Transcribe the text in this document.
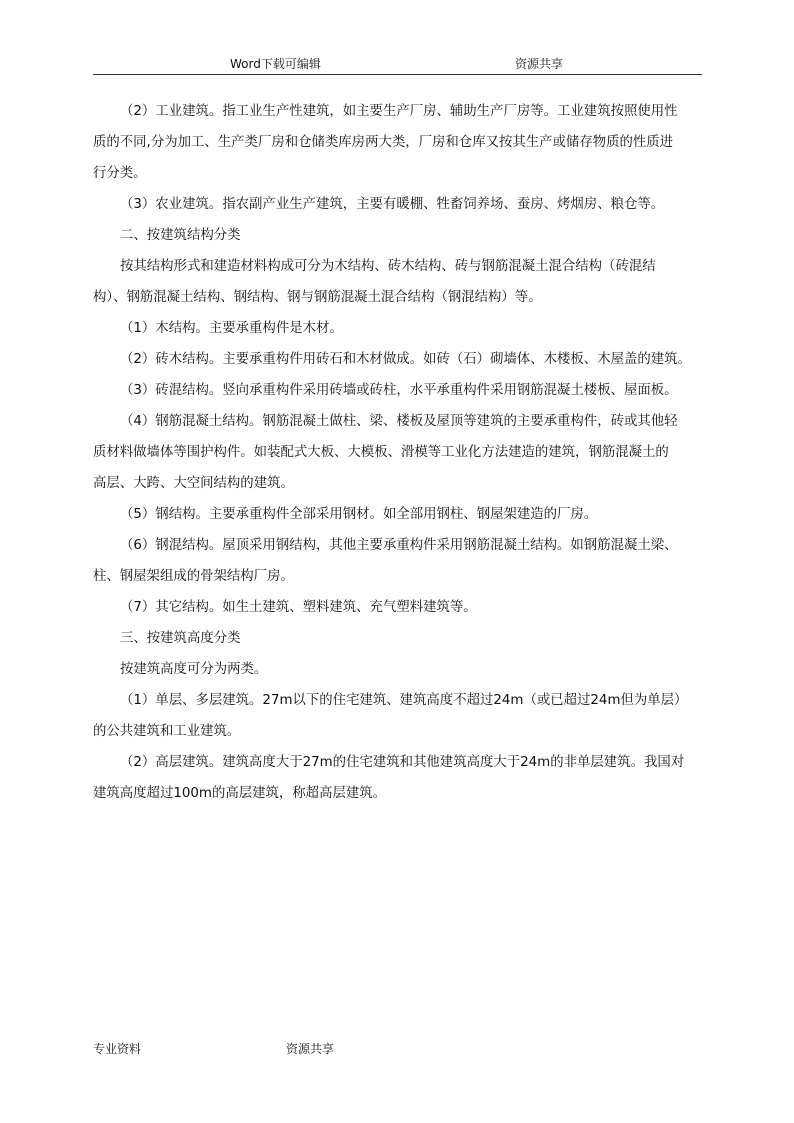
Word下载可编辑	资源共享

（2）工业建筑。指工业生产性建筑，如主要生产厂房、辅助生产厂房等。工业建筑按照使用性

质的不同,分为加工、生产类厂房和仓储类库房两大类，厂房和仓库又按其生产或储存物质的性质进

行分类。

（3）农业建筑。指农副产业生产建筑，主要有暖棚、牲畜饲养场、蚕房、烤烟房、粮仓等。

二、按建筑结构分类

按其结构形式和建造材料构成可分为木结构、砖木结构、砖与钢筋混凝土混合结构（砖混结

构）、钢筋混凝土结构、钢结构、钢与钢筋混凝土混合结构（钢混结构）等。

（1）木结构。主要承重构件是木材。

（2）砖木结构。主要承重构件用砖石和木材做成。如砖（石）砌墙体、木楼板、木屋盖的建筑。

（3）砖混结构。竖向承重构件采用砖墙或砖柱，水平承重构件采用钢筋混凝土楼板、屋面板。

（4）钢筋混凝土结构。钢筋混凝土做柱、梁、楼板及屋顶等建筑的主要承重构件，砖或其他轻

质材料做墙体等围护构件。如装配式大板、大模板、滑模等工业化方法建造的建筑，钢筋混凝土的

高层、大跨、大空间结构的建筑。

（5）钢结构。主要承重构件全部采用钢材。如全部用钢柱、钢屋架建造的厂房。

（6）钢混结构。屋顶采用钢结构，其他主要承重构件采用钢筋混凝土结构。如钢筋混凝土梁、

柱、钢屋架组成的骨架结构厂房。

（7）其它结构。如生土建筑、塑料建筑、充气塑料建筑等。

三、按建筑高度分类

按建筑高度可分为两类。

（1）单层、多层建筑。27m以下的住宅建筑、建筑高度不超过24m（或已超过24m但为单层）

的公共建筑和工业建筑。

（2）高层建筑。建筑高度大于27m的住宅建筑和其他建筑高度大于24m的非单层建筑。我国对

建筑高度超过100m的高层建筑，称超高层建筑。

专业资料	资源共享
